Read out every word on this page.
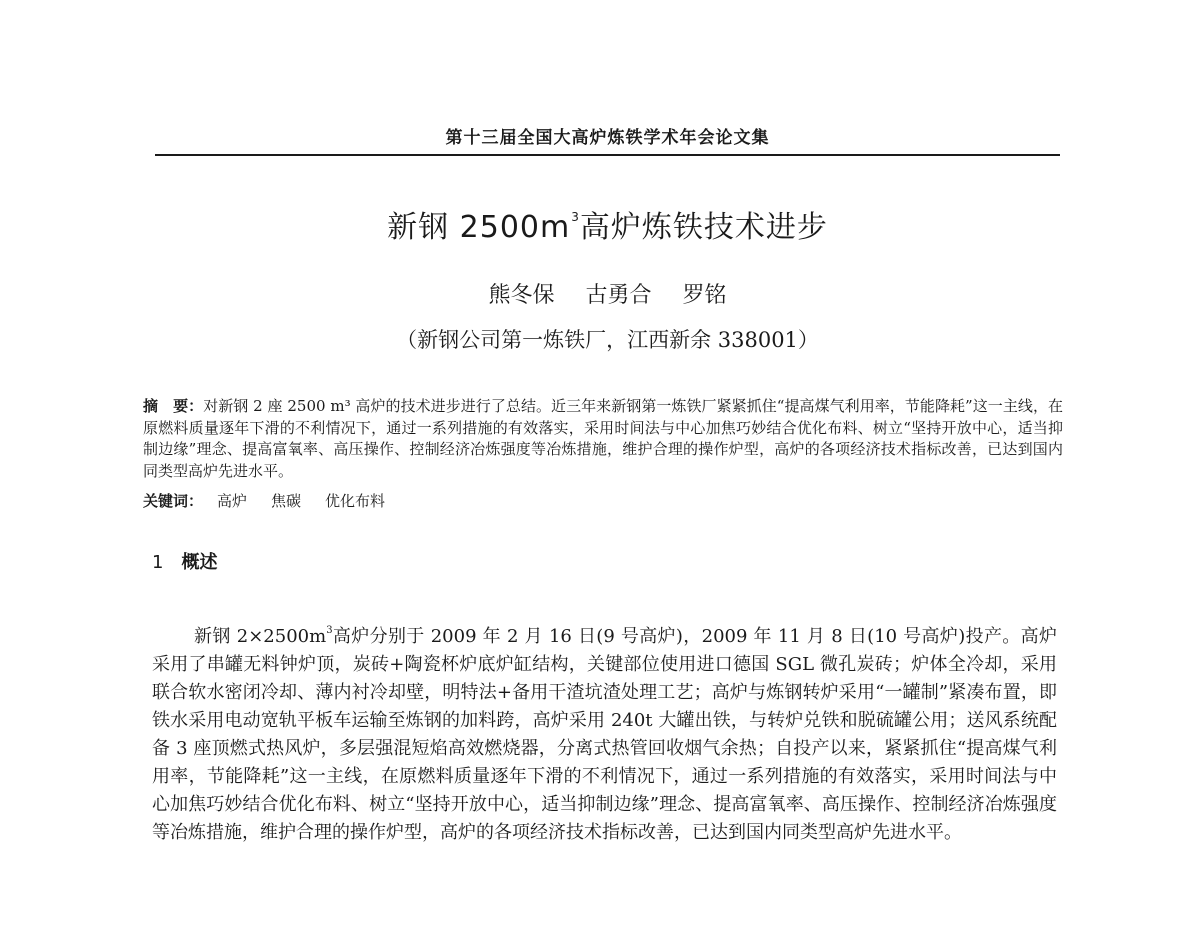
第十三届全国大高炉炼铁学术年会论文集
新钢 $2500m^3$高炉炼铁技术进步
熊冬保 古勇合 罗铭
（新钢公司第一炼铁厂，江西新余 338001）
摘　要：对新钢 2 座 2500 m³ 高炉的技术进步进行了总结。近三年来新钢第一炼铁厂紧紧抓住“提高煤气利用率，节能降耗”这一主线，在原燃料质量逐年下滑的不利情况下，通过一系列措施的有效落实，采用时间法与中心加焦巧妙结合优化布料、树立“坚持开放中心，适当抑制边缘”理念、提高富氧率、高压操作、控制经济冶炼强度等冶炼措施，维护合理的操作炉型，高炉的各项经济技术指标改善，已达到国内同类型高炉先进水平。
关键词： 高炉 焦碳 优化布料
1 概述
新钢 $2\times 2500m^3$高炉分别于 2009 年 2 月 16 日(9 号高炉)，2009 年 11 月 8 日(10 号高炉)投产。高炉采用了串罐无料钟炉顶，炭砖+陶瓷杯炉底炉缸结构，关键部位使用进口德国 SGL 微孔炭砖；炉体全冷却，采用联合软水密闭冷却、薄内衬冷却壁，明特法+备用干渣坑渣处理工艺；高炉与炼钢转炉采用“一罐制”紧凑布置，即铁水采用电动宽轨平板车运输至炼钢的加料跨，高炉采用 240t 大罐出铁，与转炉兑铁和脱硫罐公用；送风系统配备 3 座顶燃式热风炉，多层强混短焰高效燃烧器，分离式热管回收烟气余热；自投产以来，紧紧抓住“提高煤气利用率，节能降耗”这一主线，在原燃料质量逐年下滑的不利情况下，通过一系列措施的有效落实，采用时间法与中心加焦巧妙结合优化布料、树立“坚持开放中心，适当抑制边缘”理念、提高富氧率、高压操作、控制经济冶炼强度等冶炼措施，维护合理的操作炉型，高炉的各项经济技术指标改善，已达到国内同类型高炉先进水平。
